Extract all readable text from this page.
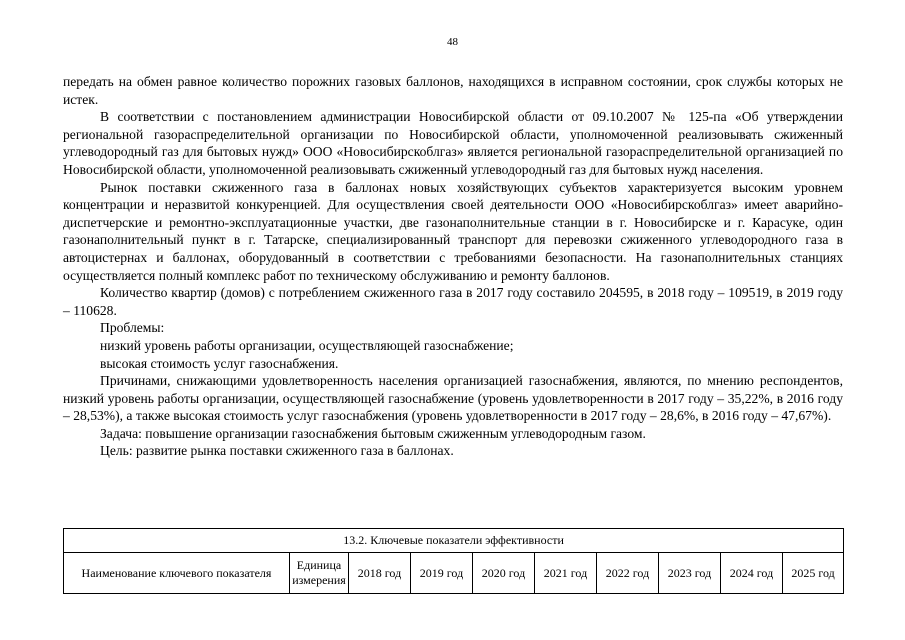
48

передать на обмен равное количество порожних газовых баллонов, находящихся в исправном состоянии, срок службы которых не истек.

В соответствии с постановлением администрации Новосибирской области от 09.10.2007 № 125-па «Об утверждении региональной газораспределительной организации по Новосибирской области, уполномоченной реализовывать сжиженный углеводородный газ для бытовых нужд» ООО «Новосибирскоблгаз» является региональной газораспределительной организацией по Новосибирской области, уполномоченной реализовывать сжиженный углеводородный газ для бытовых нужд населения.

Рынок поставки сжиженного газа в баллонах новых хозяйствующих субъектов характеризуется высоким уровнем концентрации и неразвитой конкуренцией. Для осуществления своей деятельности ООО «Новосибирскоблгаз» имеет аварийно-диспетчерские и ремонтно-эксплуатационные участки, две газонаполнительные станции в г. Новосибирске и г. Карасуке, один газонаполнительный пункт в г. Татарске, специализированный транспорт для перевозки сжиженного углеводородного газа в автоцистернах и баллонах, оборудованный в соответствии с требованиями безопасности. На газонаполнительных станциях осуществляется полный комплекс работ по техническому обслуживанию и ремонту баллонов.

Количество квартир (домов) с потреблением сжиженного газа в 2017 году составило 204595, в 2018 году – 109519, в 2019 году – 110628.

Проблемы:

низкий уровень работы организации, осуществляющей газоснабжение;

высокая стоимость услуг газоснабжения.

Причинами, снижающими удовлетворенность населения организацией газоснабжения, являются, по мнению респондентов, низкий уровень работы организации, осуществляющей газоснабжение (уровень удовлетворенности в 2017 году – 35,22%, в 2016 году – 28,53%), а также высокая стоимость услуг газоснабжения (уровень удовлетворенности в 2017 году – 28,6%, в 2016 году – 47,67%).

Задача: повышение организации газоснабжения бытовым сжиженным углеводородным газом.

Цель: развитие рынка поставки сжиженного газа в баллонах.

13.2. Ключевые показатели эффективности
Наименование ключевого показателя	Единица измерения	2018 год	2019 год	2020 год	2021 год	2022 год	2023 год	2024 год	2025 год
